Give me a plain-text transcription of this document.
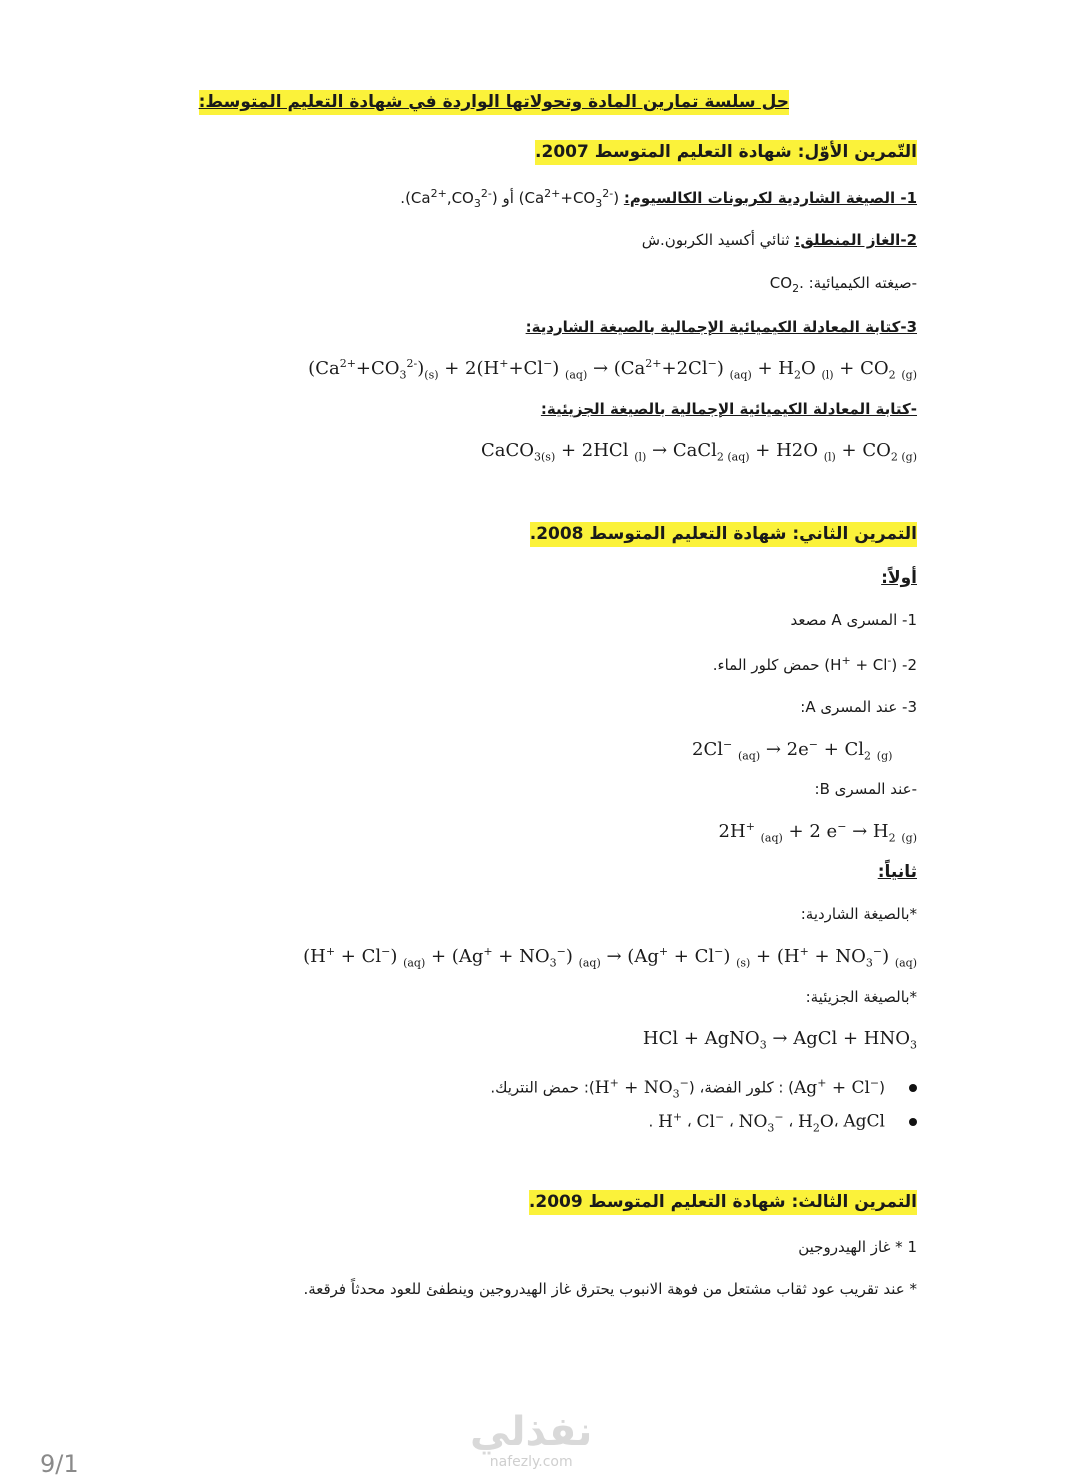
حل سلسة تمارين المادة وتحولاتها الواردة في شهادة التعليم المتوسط:
التّمرين الأوّل: شهادة التعليم المتوسط 2007.
1- الصيغة الشاردية لكربونات الكالسيوم: $(Ca^{2+}+CO_3^{2-})$ أو $(Ca^{2+},CO_3^{2-})$.
2-الغاز المنطلق: ثنائي أكسيد الكربون.ش
-صيغته الكيميائية: $CO_2$.
3-كتابة المعادلة الكيميائية الإجمالية بالصيغة الشاردية:
$(Ca^{2+}+CO_3^{2-})_{(s)} + 2(H^++Cl^-) _{(aq)} \to (Ca^{2+}+2Cl^-) _{(aq)} + H_2O$ $_{(l)} + CO_2$ $_{(g)}$
-كتابة المعادلة الكيميائية الإجمالية بالصيغة الجزيئية:
CaCO$_{3(s)}$ + 2HCl $_{(l)}$ → CaCl$_{2 (aq)}$ + H2O $_{(l)} + CO_{2 (g)}$
التمرين الثاني: شهادة التعليم المتوسط 2008.
أولاً:
1- المسرى A مصعد
2- (H+ + Cl-) حمض كلور الماء.
3- عند المسرى A:
2Cl− $_{(aq)} \to 2e^- + Cl_2$ $_{(g)}$
-عند المسرى B:
2H+ $_{(aq)}$ + 2 $e^- \to H_2$ $_{(g)}$
ثانياً:
*بالصيغة الشاردية:
(H+ + Cl−) $_{(aq)} + (Ag^+ + NO_3^-)$ $_{(aq)}$ → (Ag+ + Cl−) $_{(s)} + (H^+ + NO_3^-)$ $_{(aq)}$
*بالصيغة الجزيئية:
HCl + AgNO$_3$ → AgCl + $HNO_3$
(Ag+ + Cl−) : كلور الفضة، $(H^+ + NO_3^-)$: حمض النتريك.
$H_2O،$ AgCl ، $NO_3^-$ ، Cl− ، H+ .
التمرين الثالث: شهادة التعليم المتوسط 2009.
1 * غاز الهيدروجين
* عند تقريب عود ثقاب مشتعل من فوهة الانبوب يحترق غاز الهيدروجين وينطفئ للعود محدثاً فرقعة.
نفذلي
nafezly.com
9/1
